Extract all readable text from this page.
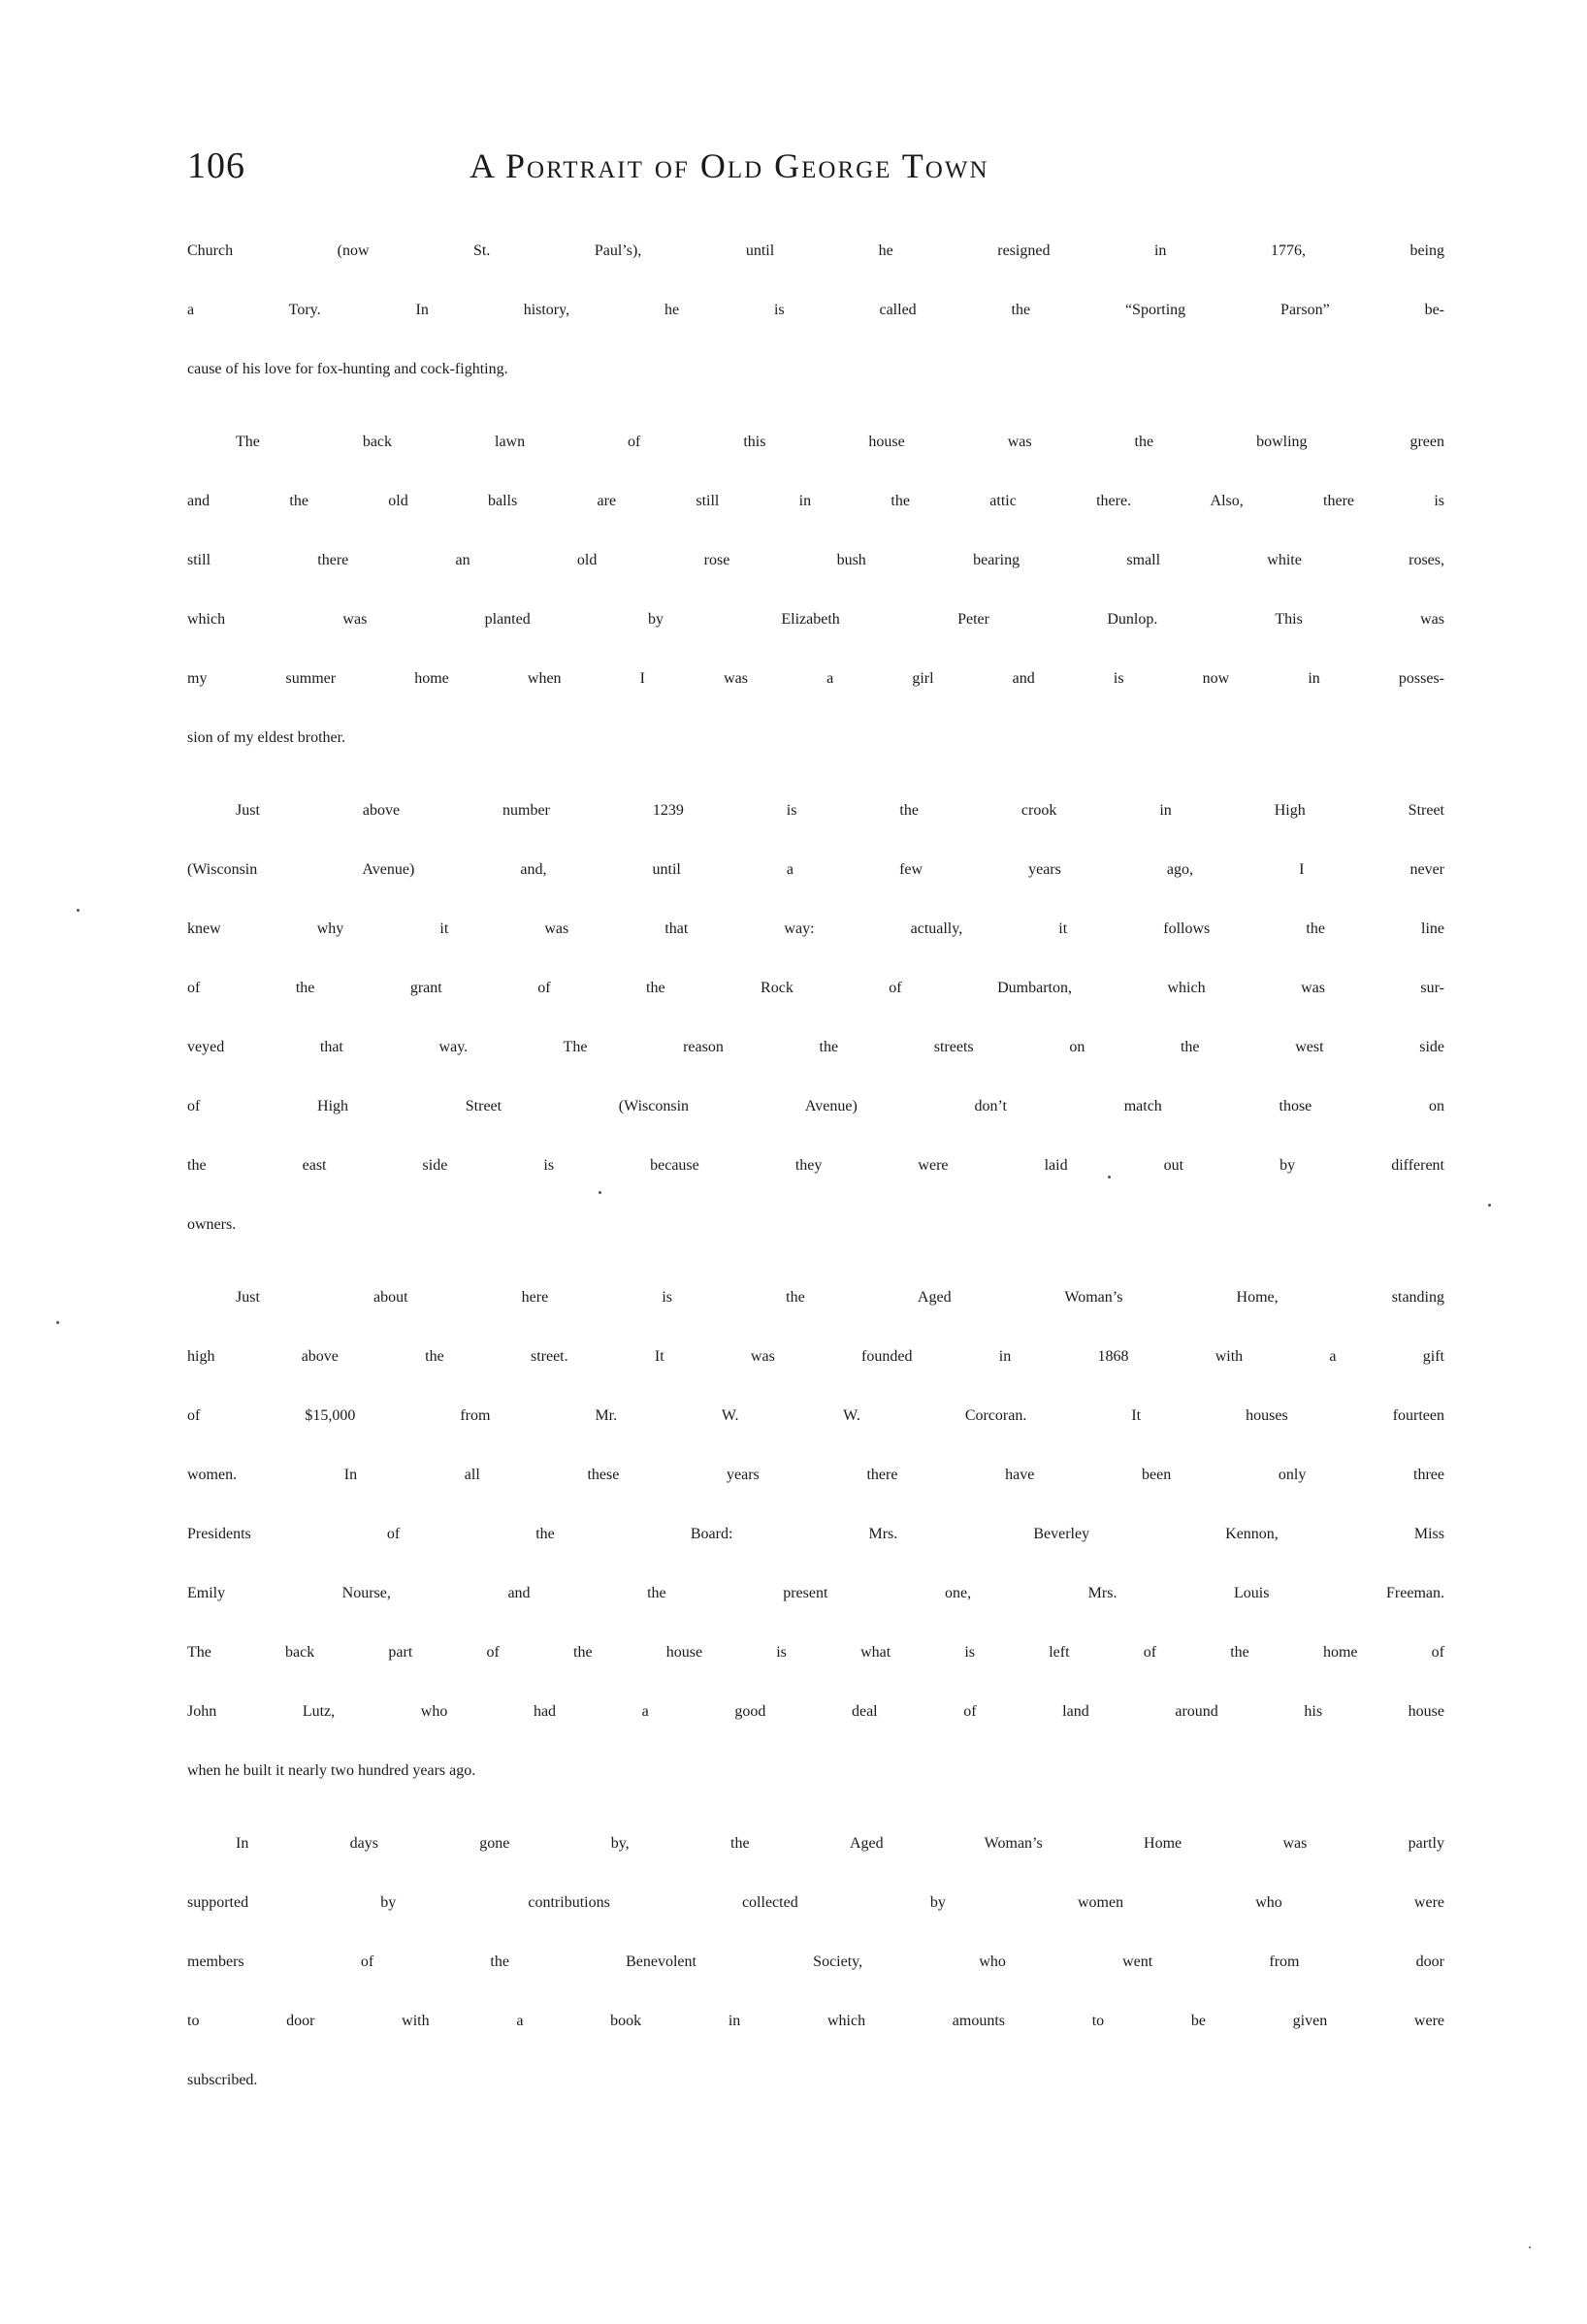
106	A Portrait of Old George Town
Church (now St. Paul’s), until he resigned in 1776, being
a Tory. In history, he is called the “Sporting Parson” be-
cause of his love for fox-hunting and cock-fighting.
The back lawn of this house was the bowling green
and the old balls are still in the attic there. Also, there is
still there an old rose bush bearing small white roses,
which was planted by Elizabeth Peter Dunlop. This was
my summer home when I was a girl and is now in posses-
sion of my eldest brother.
Just above number 1239 is the crook in High Street
(Wisconsin Avenue) and, until a few years ago, I never
knew why it was that way: actually, it follows the line
of the grant of the Rock of Dumbarton, which was sur-
veyed that way. The reason the streets on the west side
of High Street (Wisconsin Avenue) don’t match those on
the east side is because they were laid out by different
owners.
Just about here is the Aged Woman’s Home, standing
high above the street. It was founded in 1868 with a gift
of $15,000 from Mr. W. W. Corcoran. It houses fourteen
women. In all these years there have been only three
Presidents of the Board: Mrs. Beverley Kennon, Miss
Emily Nourse, and the present one, Mrs. Louis Freeman.
The back part of the house is what is left of the home of
John Lutz, who had a good deal of land around his house
when he built it nearly two hundred years ago.
In days gone by, the Aged Woman’s Home was partly
supported by contributions collected by women who were
members of the Benevolent Society, who went from door
to door with a book in which amounts to be given were
subscribed.
